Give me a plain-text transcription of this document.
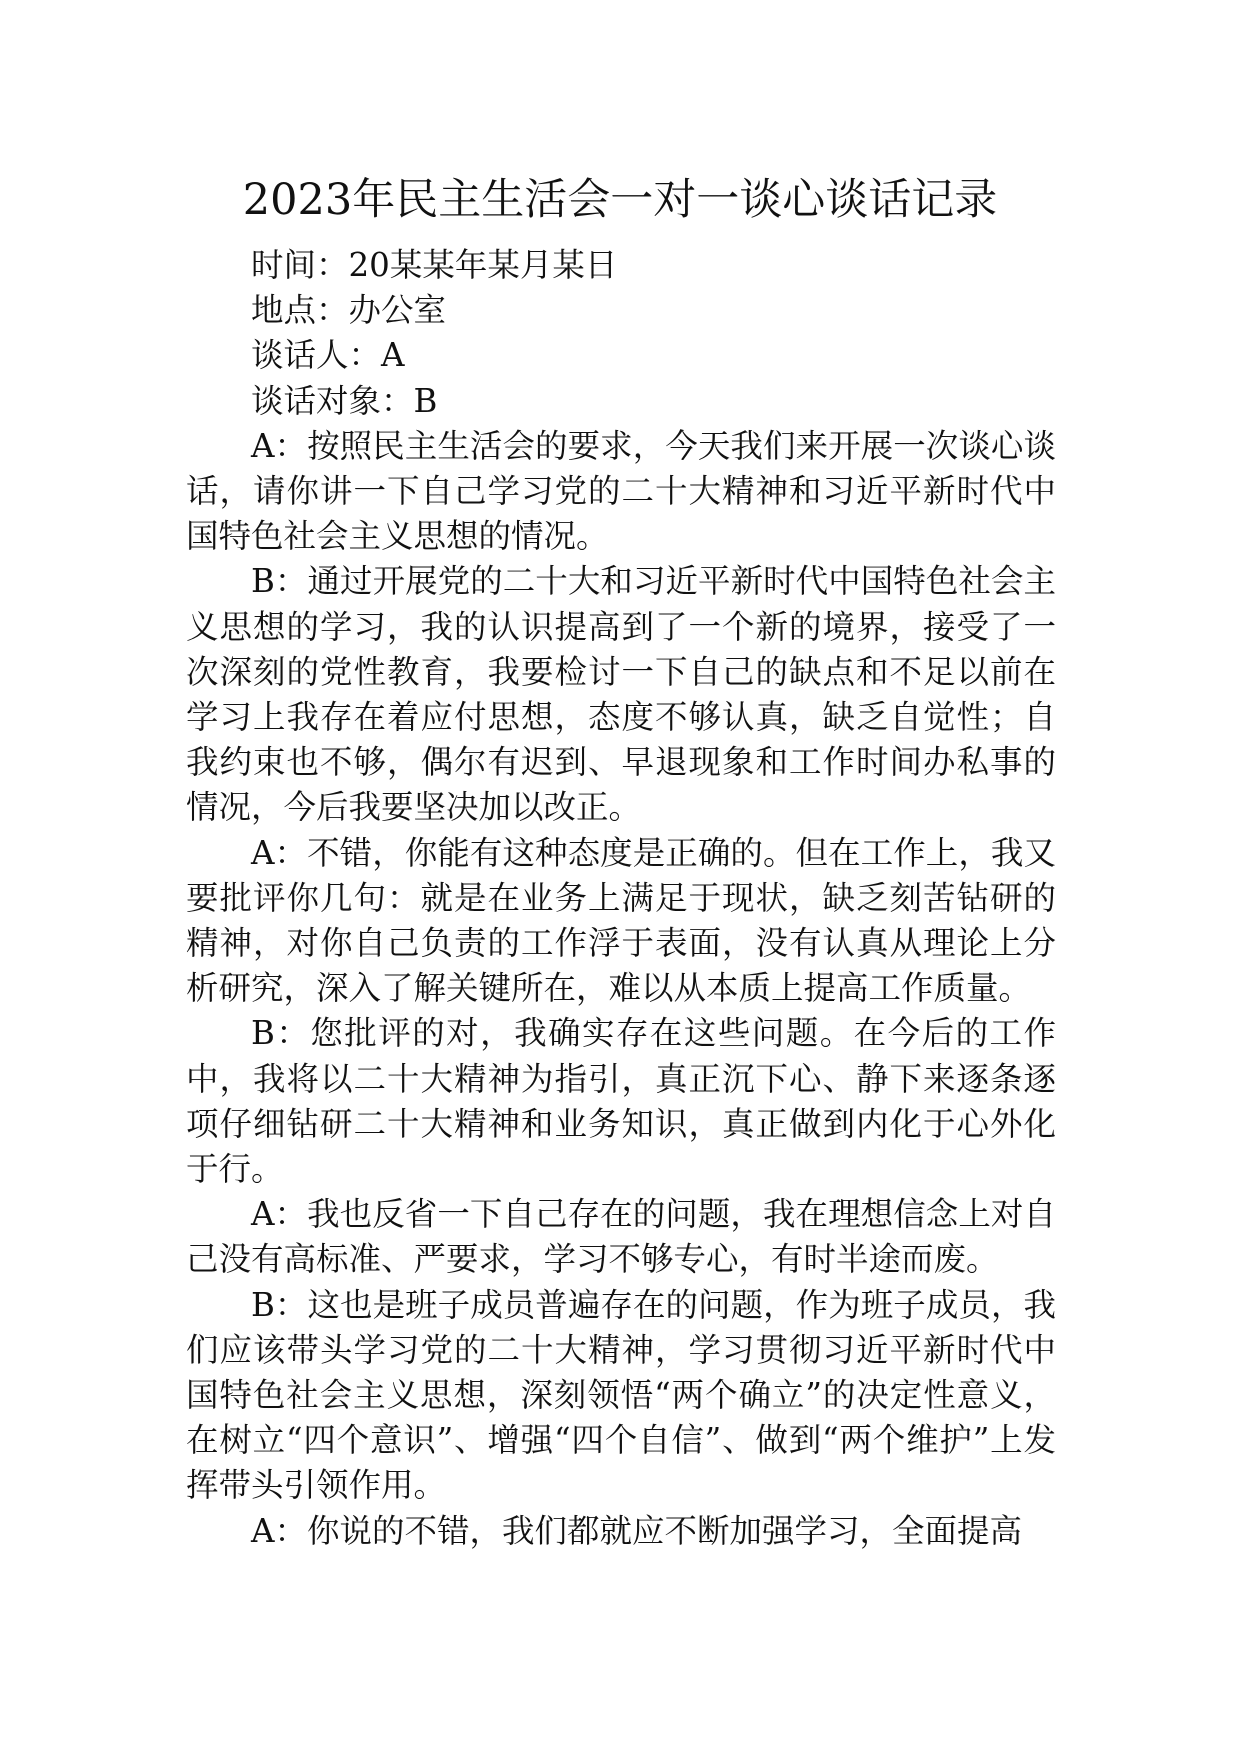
2023年民主生活会一对一谈心谈话记录
时间：20某某年某月某日
地点：办公室
谈话人：A
谈话对象：B

A：按照民主生活会的要求，今天我们来开展一次谈心谈话，请你讲一下自己学习党的二十大精神和习近平新时代中国特色社会主义思想的情况。

B：通过开展党的二十大和习近平新时代中国特色社会主义思想的学习，我的认识提高到了一个新的境界，接受了一次深刻的党性教育，我要检讨一下自己的缺点和不足以前在学习上我存在着应付思想，态度不够认真，缺乏自觉性；自我约束也不够，偶尔有迟到、早退现象和工作时间办私事的情况，今后我要坚决加以改正。

A：不错，你能有这种态度是正确的。但在工作上，我又要批评你几句：就是在业务上满足于现状，缺乏刻苦钻研的精神，对你自己负责的工作浮于表面，没有认真从理论上分析研究，深入了解关键所在，难以从本质上提高工作质量。

B：您批评的对，我确实存在这些问题。在今后的工作中，我将以二十大精神为指引，真正沉下心、静下来逐条逐项仔细钻研二十大精神和业务知识，真正做到内化于心外化于行。

A：我也反省一下自己存在的问题，我在理想信念上对自己没有高标准、严要求，学习不够专心，有时半途而废。

B：这也是班子成员普遍存在的问题，作为班子成员，我们应该带头学习党的二十大精神，学习贯彻习近平新时代中国特色社会主义思想，深刻领悟“两个确立”的决定性意义，在树立“四个意识”、增强“四个自信”、做到“两个维护”上发挥带头引领作用。

A：你说的不错，我们都就应不断加强学习，全面提高
